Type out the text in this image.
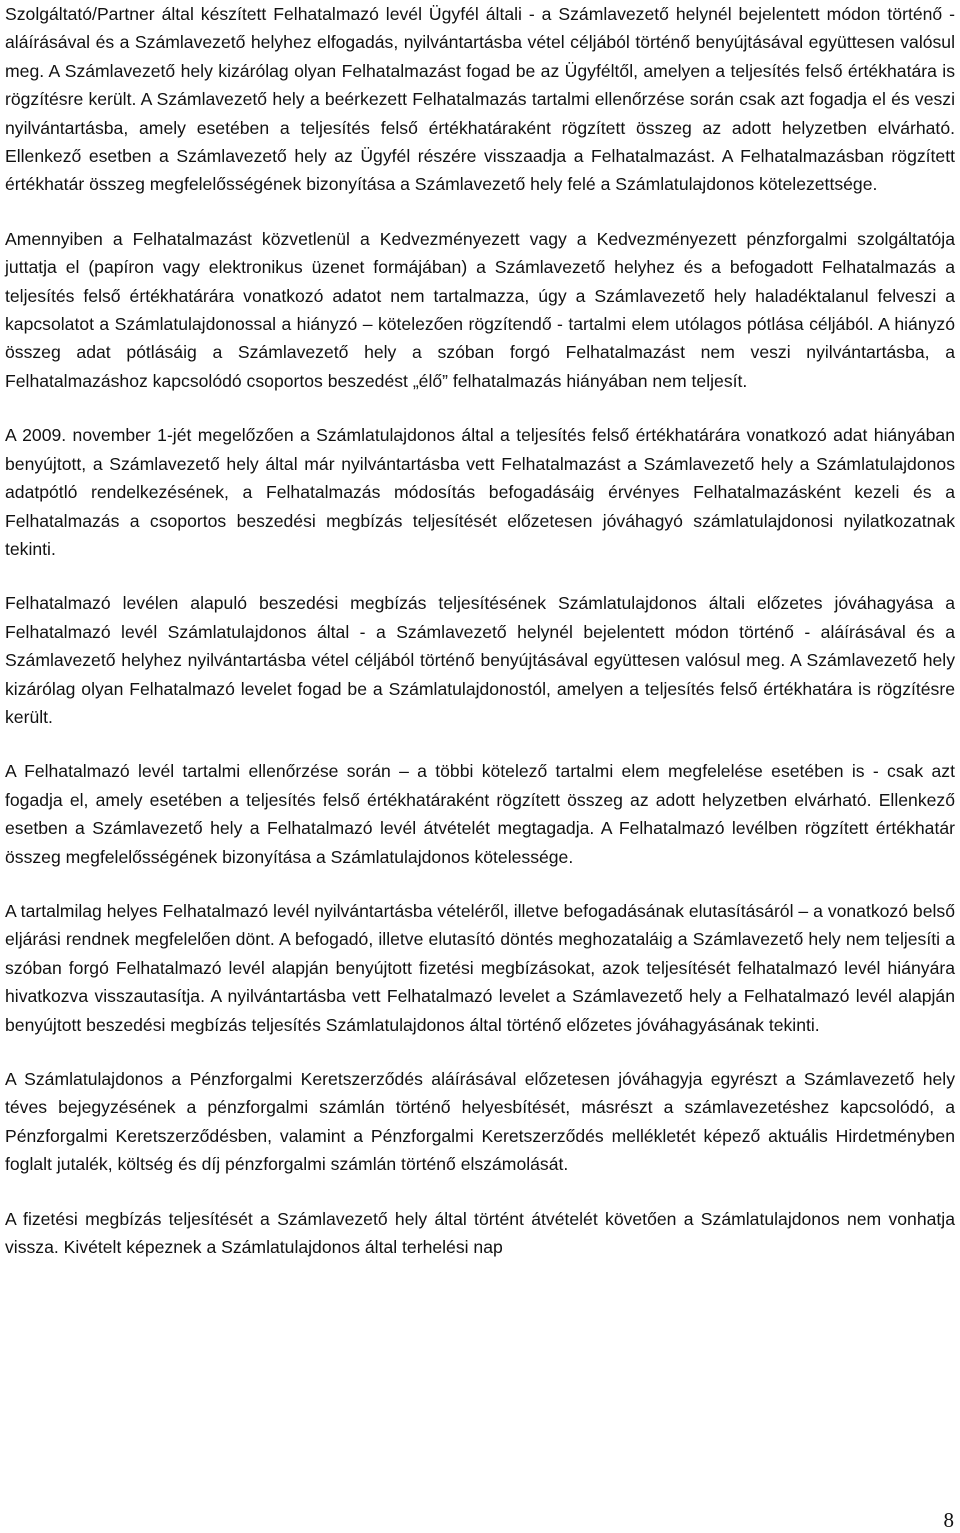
Szolgáltató/Partner által készített Felhatalmazó levél Ügyfél általi - a Számlavezető helynél bejelentett módon történő - aláírásával és a Számlavezető helyhez elfogadás, nyilvántartásba vétel céljából történő benyújtásával együttesen valósul meg. A Számlavezető hely kizárólag olyan Felhatalmazást fogad be az Ügyféltől, amelyen a teljesítés felső értékhatára is rögzítésre került. A Számlavezető hely a beérkezett Felhatalmazás tartalmi ellenőrzése során csak azt fogadja el és veszi nyilvántartásba, amely esetében a teljesítés felső értékhatáraként rögzített összeg az adott helyzetben elvárható. Ellenkező esetben a Számlavezető hely az Ügyfél részére visszaadja a Felhatalmazást. A Felhatalmazásban rögzített értékhatár összeg megfelelősségének bizonyítása a Számlavezető hely felé a Számlatulajdonos kötelezettsége.

Amennyiben a Felhatalmazást közvetlenül a Kedvezményezett vagy a Kedvezményezett pénzforgalmi szolgáltatója juttatja el (papíron vagy elektronikus üzenet formájában) a Számlavezető helyhez és a befogadott Felhatalmazás a teljesítés felső értékhatárára vonatkozó adatot nem tartalmazza, úgy a Számlavezető hely haladéktalanul felveszi a kapcsolatot a Számlatulajdonossal a hiányzó – kötelezően rögzítendő - tartalmi elem utólagos pótlása céljából. A hiányzó összeg adat pótlásáig a Számlavezető hely a szóban forgó Felhatalmazást nem veszi nyilvántartásba, a Felhatalmazáshoz kapcsolódó csoportos beszedést „élő” felhatalmazás hiányában nem teljesít.

A 2009. november 1-jét megelőzően a Számlatulajdonos által a teljesítés felső értékhatárára vonatkozó adat hiányában benyújtott, a Számlavezető hely által már nyilvántartásba vett Felhatalmazást a Számlavezető hely a Számlatulajdonos adatpótló rendelkezésének, a Felhatalmazás módosítás befogadásáig érvényes Felhatalmazásként kezeli és a Felhatalmazás a csoportos beszedési megbízás teljesítését előzetesen jóváhagyó számlatulajdonosi nyilatkozatnak tekinti.

Felhatalmazó levélen alapuló beszedési megbízás teljesítésének Számlatulajdonos általi előzetes jóváhagyása a Felhatalmazó levél Számlatulajdonos által - a Számlavezető helynél bejelentett módon történő - aláírásával és a Számlavezető helyhez nyilvántartásba vétel céljából történő benyújtásával együttesen valósul meg. A Számlavezető hely kizárólag olyan Felhatalmazó levelet fogad be a Számlatulajdonostól, amelyen a teljesítés felső értékhatára is rögzítésre került.

A Felhatalmazó levél tartalmi ellenőrzése során – a többi kötelező tartalmi elem megfelelése esetében is - csak azt fogadja el, amely esetében a teljesítés felső értékhatáraként rögzített összeg az adott helyzetben elvárható. Ellenkező esetben a Számlavezető hely a Felhatalmazó levél átvételét megtagadja. A Felhatalmazó levélben rögzített értékhatár összeg megfelelősségének bizonyítása a Számlatulajdonos kötelessége.

A tartalmilag helyes Felhatalmazó levél nyilvántartásba vételéről, illetve befogadásának elutasításáról – a vonatkozó belső eljárási rendnek megfelelően dönt. A befogadó, illetve elutasító döntés meghozataláig a Számlavezető hely nem teljesíti a szóban forgó Felhatalmazó levél alapján benyújtott fizetési megbízásokat, azok teljesítését felhatalmazó levél hiányára hivatkozva visszautasítja. A nyilvántartásba vett Felhatalmazó levelet a Számlavezető hely a Felhatalmazó levél alapján benyújtott beszedési megbízás teljesítés Számlatulajdonos által történő előzetes jóváhagyásának tekinti.

A Számlatulajdonos a Pénzforgalmi Keretszerződés aláírásával előzetesen jóváhagyja egyrészt a Számlavezető hely téves bejegyzésének a pénzforgalmi számlán történő helyesbítését, másrészt a számlavezetéshez kapcsolódó, a Pénzforgalmi Keretszerződésben, valamint a Pénzforgalmi Keretszerződés mellékletét képező aktuális Hirdetményben foglalt jutalék, költség és díj pénzforgalmi számlán történő elszámolását.

A fizetési megbízás teljesítését a Számlavezető hely által történt átvételét követően a Számlatulajdonos nem vonhatja vissza. Kivételt képeznek a Számlatulajdonos által terhelési nap

8
